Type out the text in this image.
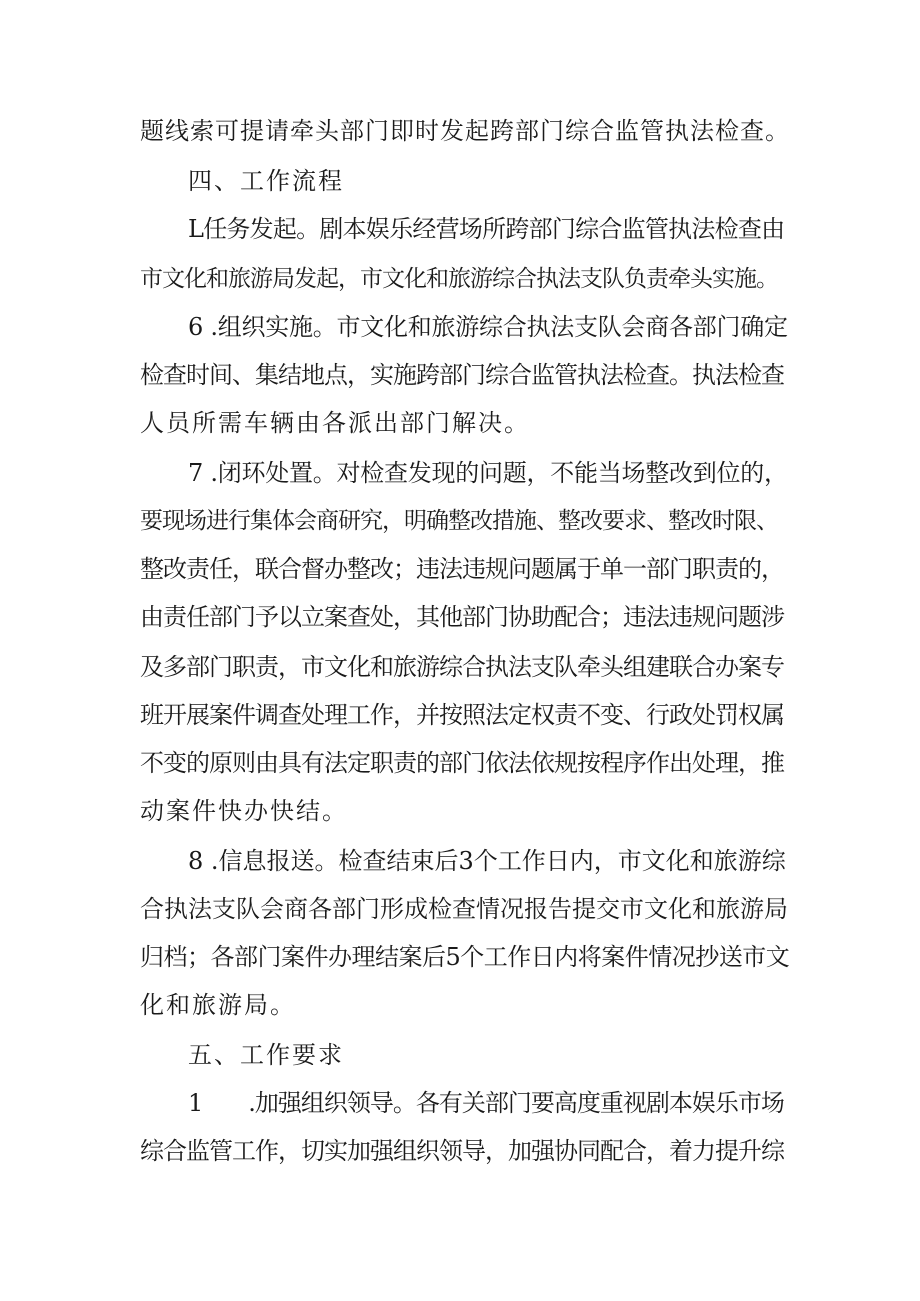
题线索可提请牵头部门即时发起跨部门综合监管执法检查。
四、工作流程
L任务发起。剧本娱乐经营场所跨部门综合监管执法检查由
市文化和旅游局发起，市文化和旅游综合执法支队负责牵头实施。
6 .组织实施。市文化和旅游综合执法支队会商各部门确定
检查时间、集结地点，实施跨部门综合监管执法检查。执法检查
人员所需车辆由各派出部门解决。
7 .闭环处置。对检查发现的问题，不能当场整改到位的，
要现场进行集体会商研究，明确整改措施、整改要求、整改时限、
整改责任，联合督办整改；违法违规问题属于单一部门职责的，
由责任部门予以立案查处，其他部门协助配合；违法违规问题涉
及多部门职责，市文化和旅游综合执法支队牵头组建联合办案专
班开展案件调查处理工作，并按照法定权责不变、行政处罚权属
不变的原则由具有法定职责的部门依法依规按程序作出处理，推
动案件快办快结。
8 .信息报送。检查结束后3个工作日内，市文化和旅游综
合执法支队会商各部门形成检查情况报告提交市文化和旅游局
归档；各部门案件办理结案后5个工作日内将案件情况抄送市文
化和旅游局。
五、工作要求
1　　.加强组织领导。各有关部门要高度重视剧本娱乐市场
综合监管工作，切实加强组织领导，加强协同配合，着力提升综
